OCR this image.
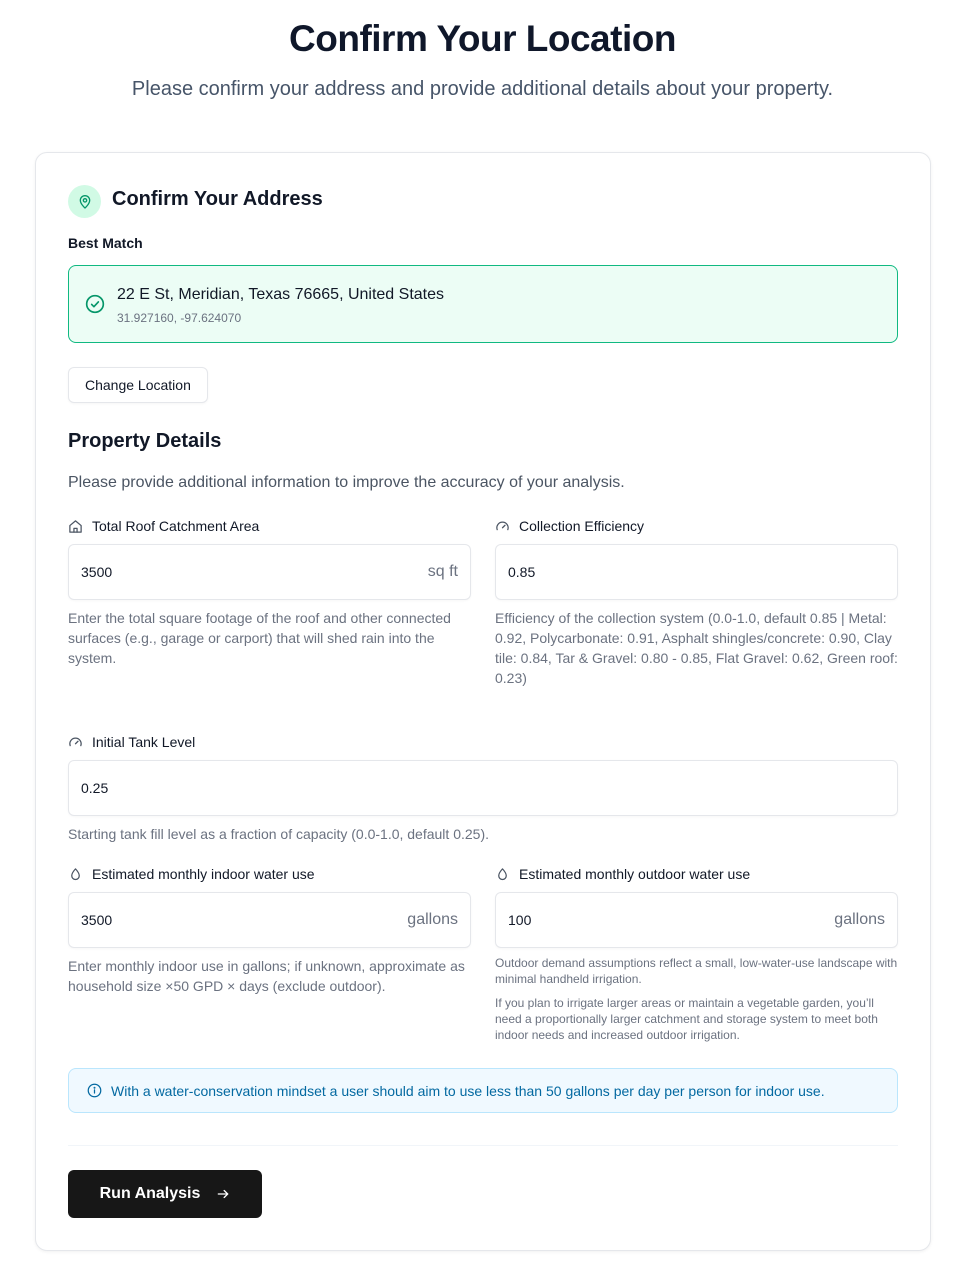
Confirm Your Location

Please confirm your address and provide additional details about your property.

Confirm Your Address
Best Match
22 E St, Meridian, Texas 76665, United States
31.927160, -97.624070
Change Location
Property Details
Please provide additional information to improve the accuracy of your analysis.
Total Roof Catchment Area
3500	sq ft
Enter the total square footage of the roof and other connected surfaces (e.g., garage or carport) that will shed rain into the system.
Collection Efficiency
0.85
Efficiency of the collection system (0.0-1.0, default 0.85 | Metal: 0.92, Polycarbonate: 0.91, Asphalt shingles/concrete: 0.90, Clay tile: 0.84, Tar & Gravel: 0.80 - 0.85, Flat Gravel: 0.62, Green roof: 0.23)
Initial Tank Level
0.25
Starting tank fill level as a fraction of capacity (0.0-1.0, default 0.25).
Estimated monthly indoor water use
3500	gallons
Enter monthly indoor use in gallons; if unknown, approximate as household size ×50 GPD × days (exclude outdoor).
Estimated monthly outdoor water use
100	gallons
Outdoor demand assumptions reflect a small, low-water-use landscape with minimal handheld irrigation.
If you plan to irrigate larger areas or maintain a vegetable garden, you’ll need a proportionally larger catchment and storage system to meet both indoor needs and increased outdoor irrigation.
With a water-conservation mindset a user should aim to use less than 50 gallons per day per person for indoor use.
Run Analysis
